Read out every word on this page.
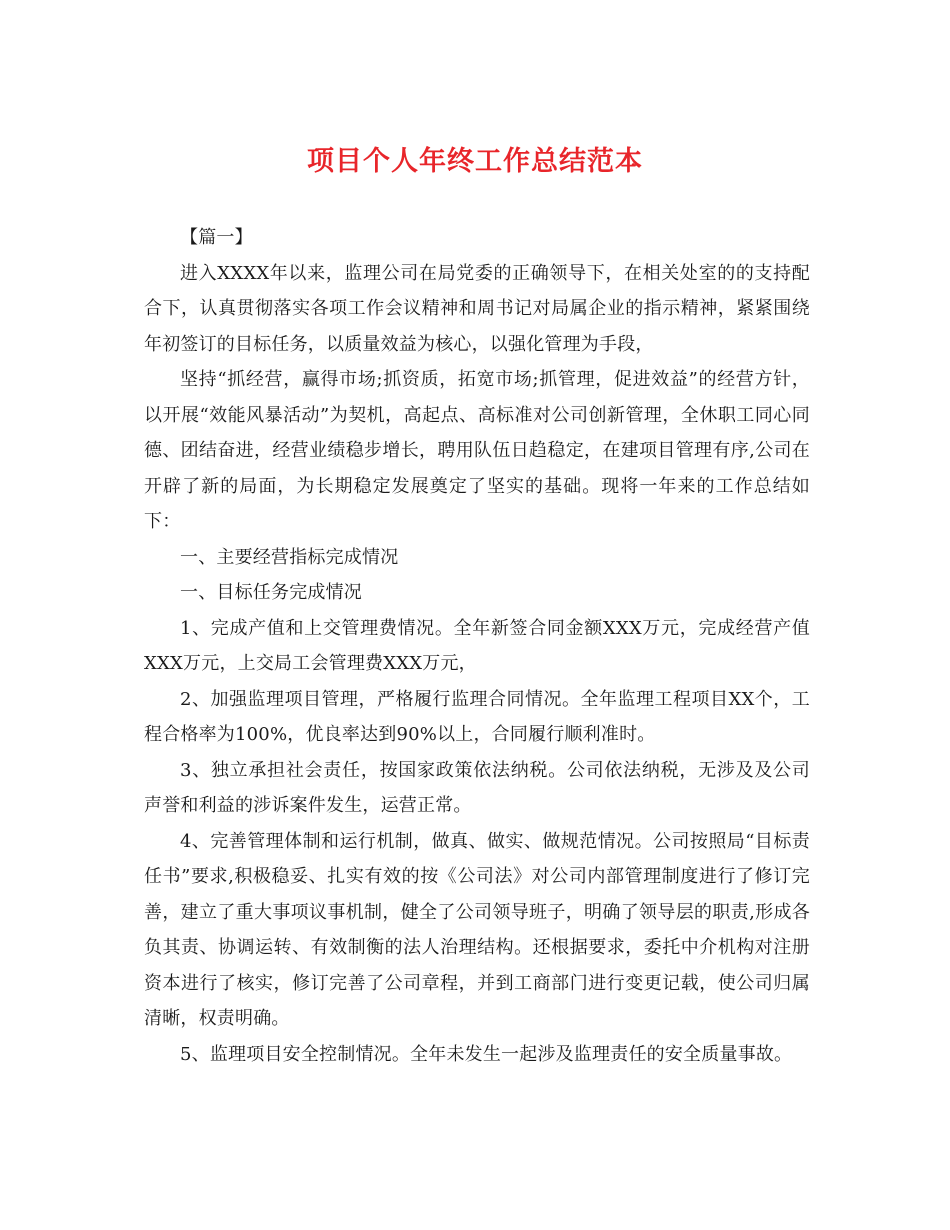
项目个人年终工作总结范本

【篇一】

进入XXXX年以来，监理公司在局党委的正确领导下，在相关处室的的支持配合下，认真贯彻落实各项工作会议精神和周书记对局属企业的指示精神，紧紧围绕年初签订的目标任务，以质量效益为核心，以强化管理为手段，

坚持“抓经营，赢得市场;抓资质，拓宽市场;抓管理，促进效益”的经营方针，以开展“效能风暴活动”为契机，高起点、高标准对公司创新管理，全休职工同心同德、团结奋进，经营业绩稳步增长，聘用队伍日趋稳定，在建项目管理有序,公司在开辟了新的局面，为长期稳定发展奠定了坚实的基础。现将一年来的工作总结如下：

一、主要经营指标完成情况

一、目标任务完成情况

1、完成产值和上交管理费情况。全年新签合同金额XXX万元，完成经营产值XXX万元，上交局工会管理费XXX万元，

2、加强监理项目管理，严格履行监理合同情况。全年监理工程项目XX个，工程合格率为100%，优良率达到90%以上，合同履行顺利准时。

3、独立承担社会责任，按国家政策依法纳税。公司依法纳税，无涉及及公司声誉和利益的涉诉案件发生，运营正常。

4、完善管理体制和运行机制，做真、做实、做规范情况。公司按照局“目标责任书”要求,积极稳妥、扎实有效的按《公司法》对公司内部管理制度进行了修订完善，建立了重大事项议事机制，健全了公司领导班子，明确了领导层的职责,形成各负其责、协调运转、有效制衡的法人治理结构。还根据要求，委托中介机构对注册资本进行了核实，修订完善了公司章程，并到工商部门进行变更记载，使公司归属清晰，权责明确。

5、监理项目安全控制情况。全年未发生一起涉及监理责任的安全质量事故。
